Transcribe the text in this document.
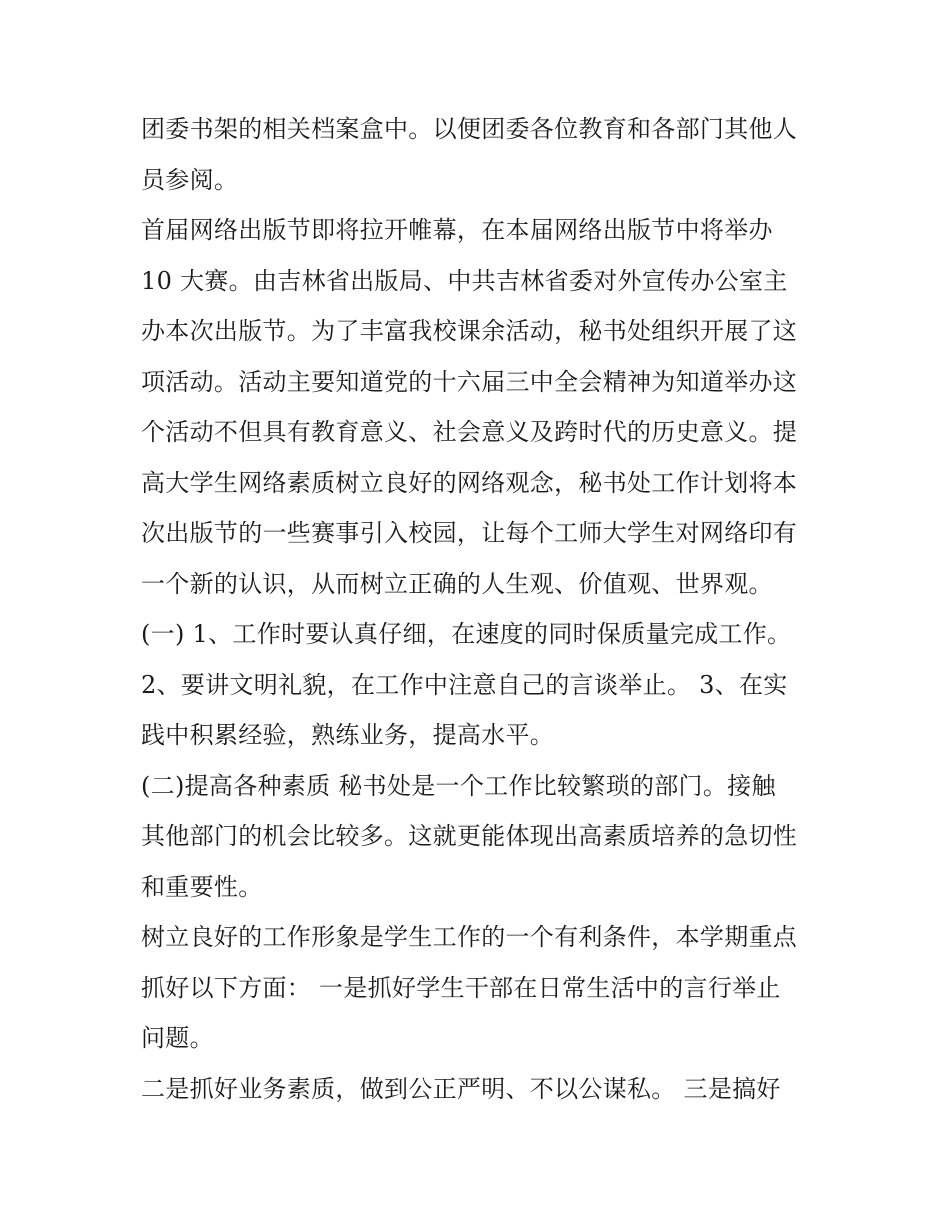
团委书架的相关档案盒中。以便团委各位教育和各部门其他人
员参阅。
首届网络出版节即将拉开帷幕，在本届网络出版节中将举办
10 大赛。由吉林省出版局、中共吉林省委对外宣传办公室主
办本次出版节。为了丰富我校课余活动，秘书处组织开展了这
项活动。活动主要知道党的十六届三中全会精神为知道举办这
个活动不但具有教育意义、社会意义及跨时代的历史意义。提
高大学生网络素质树立良好的网络观念，秘书处工作计划将本
次出版节的一些赛事引入校园，让每个工师大学生对网络印有
一个新的认识，从而树立正确的人生观、价值观、世界观。
(一) 1、工作时要认真仔细，在速度的同时保质量完成工作。
2、要讲文明礼貌，在工作中注意自己的言谈举止。 3、在实
践中积累经验，熟练业务，提高水平。
(二)提高各种素质 秘书处是一个工作比较繁琐的部门。接触
其他部门的机会比较多。这就更能体现出高素质培养的急切性
和重要性。
树立良好的工作形象是学生工作的一个有利条件，本学期重点
抓好以下方面： 一是抓好学生干部在日常生活中的言行举止
问题。
二是抓好业务素质，做到公正严明、不以公谋私。 三是搞好
